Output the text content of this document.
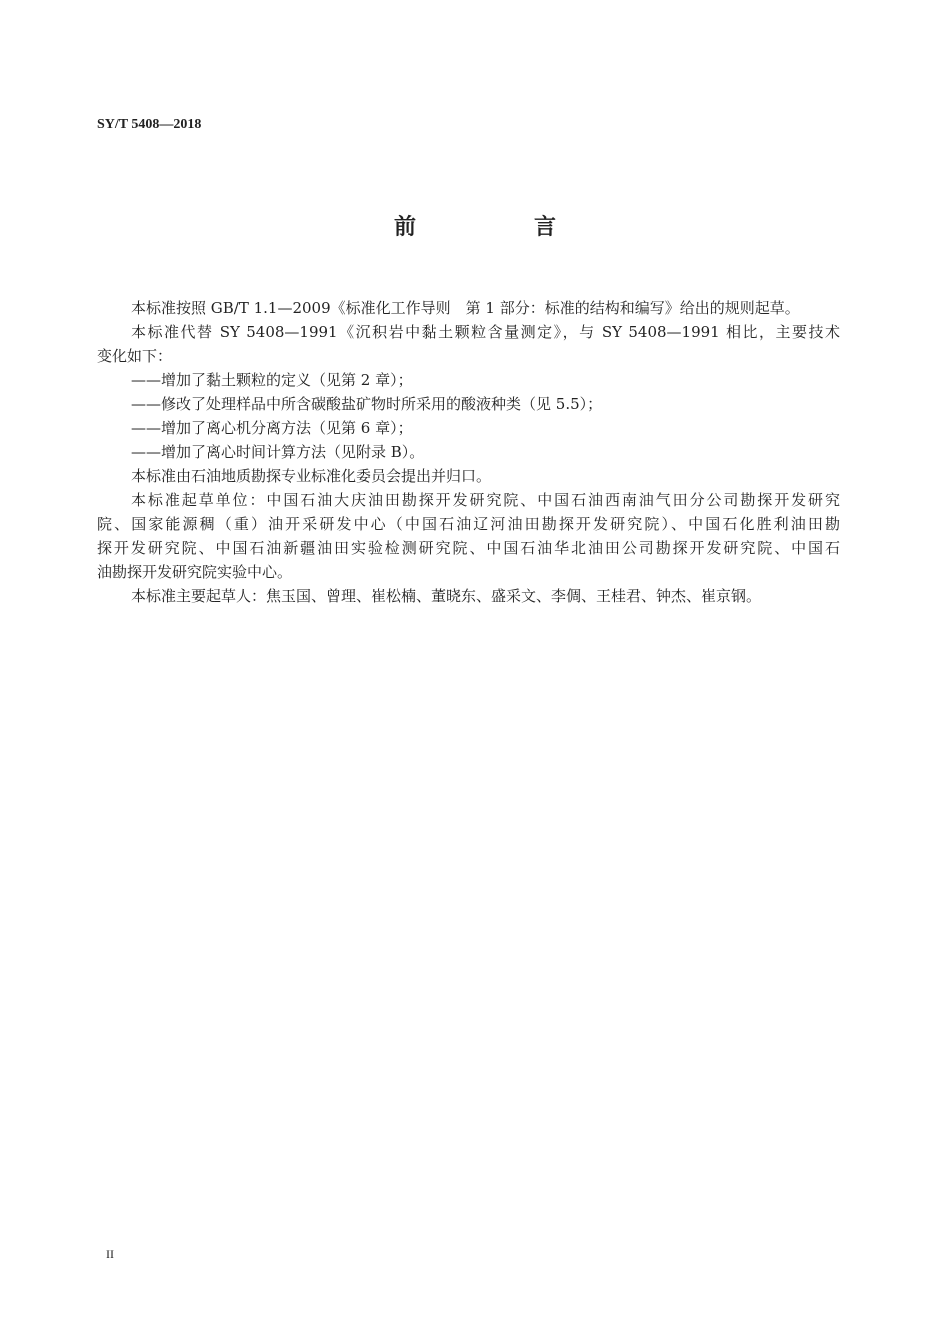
SY/T 5408—2018
前　言
本标准按照 GB/T 1.1—2009《标准化工作导则　第 1 部分：标准的结构和编写》给出的规则起草。
本标准代替 SY 5408—1991《沉积岩中黏土颗粒含量测定》，与 SY 5408—1991 相比，主要技术
变化如下：
——增加了黏土颗粒的定义（见第 2 章）；
——修改了处理样品中所含碳酸盐矿物时所采用的酸液种类（见 5.5）；
——增加了离心机分离方法（见第 6 章）；
——增加了离心时间计算方法（见附录 B）。
本标准由石油地质勘探专业标准化委员会提出并归口。
本标准起草单位：中国石油大庆油田勘探开发研究院、中国石油西南油气田分公司勘探开发研究
院、国家能源稠（重）油开采研发中心（中国石油辽河油田勘探开发研究院）、中国石化胜利油田勘
探开发研究院、中国石油新疆油田实验检测研究院、中国石油华北油田公司勘探开发研究院、中国石
油勘探开发研究院实验中心。
本标准主要起草人：焦玉国、曾理、崔松楠、董晓东、盛采文、李倜、王桂君、钟杰、崔京钢。
II
